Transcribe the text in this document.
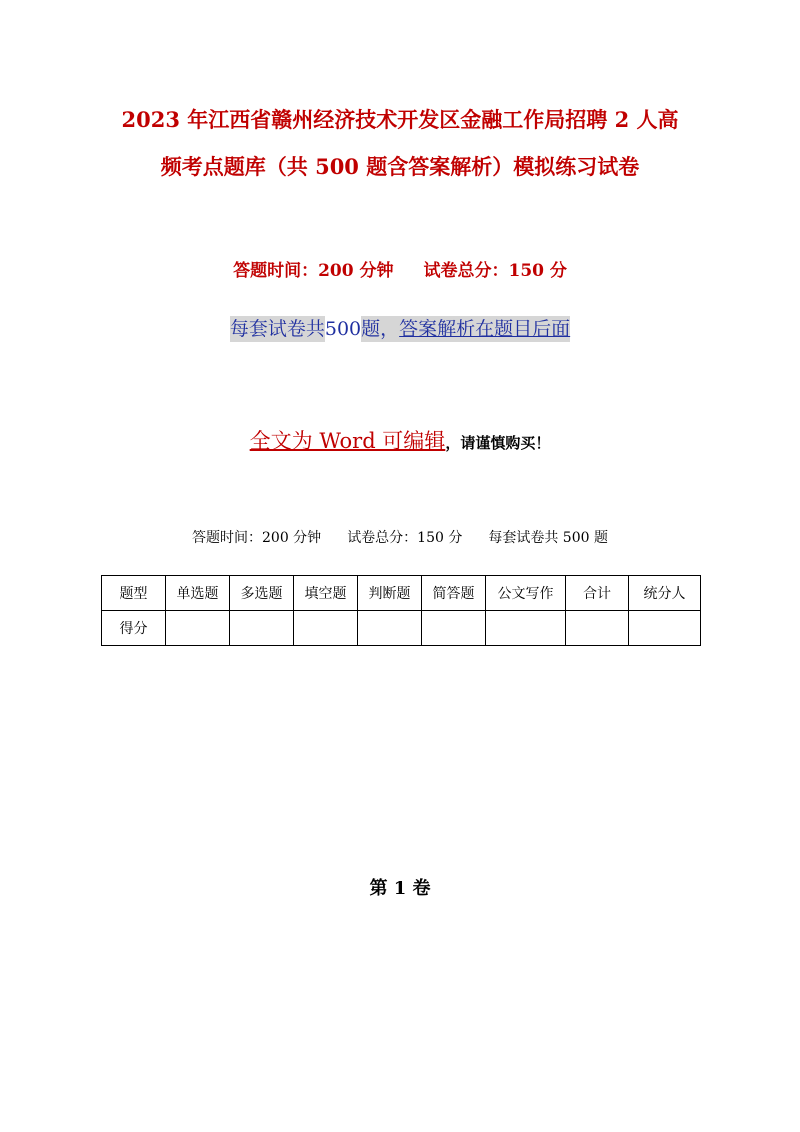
2023 年江西省赣州经济技术开发区金融工作局招聘 2 人高
频考点题库（共 500 题含答案解析）模拟练习试卷
答题时间：200 分钟 试卷总分：150 分
每套试卷共500题，答案解析在题目后面
全文为 Word 可编辑，请谨慎购买！
答题时间：200 分钟 试卷总分：150 分 每套试卷共 500 题
题型	单选题	多选题	填空题	判断题	简答题	公文写作	合计	统分人
得分								
第 1 卷
